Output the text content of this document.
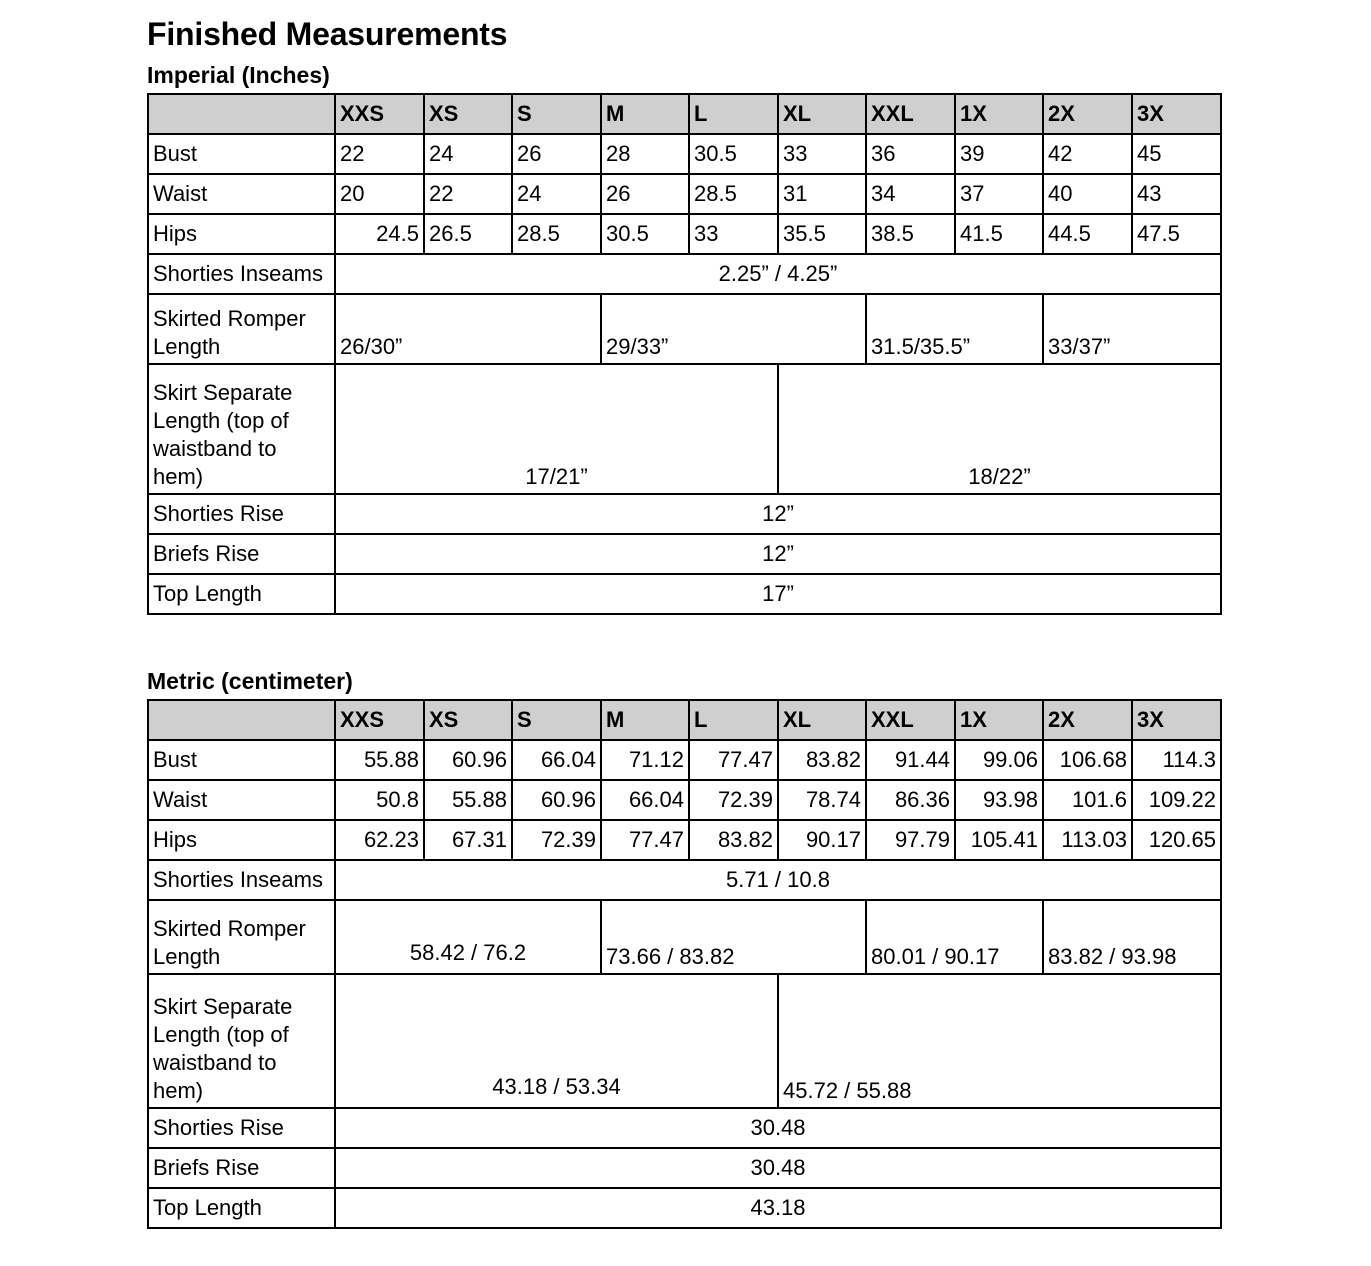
Finished Measurements
Imperial (Inches)
	XXS	XS	S	M	L	XL	XXL	1X	2X	3X
Bust	22	24	26	28	30.5	33	36	39	42	45
Waist	20	22	24	26	28.5	31	34	37	40	43
Hips	24.5	26.5	28.5	30.5	33	35.5	38.5	41.5	44.5	47.5
Shorties Inseams	2.25” / 4.25”									
Skirted Romper Length	26/30”			29/33”			31.5/35.5”		33/37”	
Skirt Separate Length (top of waistband to hem)	17/21”					18/22”				
Shorties Rise	12”									
Briefs Rise	12”									
Top Length	17”									
Metric (centimeter)
	XXS	XS	S	M	L	XL	XXL	1X	2X	3X
Bust	55.88	60.96	66.04	71.12	77.47	83.82	91.44	99.06	106.68	114.3
Waist	50.8	55.88	60.96	66.04	72.39	78.74	86.36	93.98	101.6	109.22
Hips	62.23	67.31	72.39	77.47	83.82	90.17	97.79	105.41	113.03	120.65
Shorties Inseams	5.71 / 10.8									
Skirted Romper Length	58.42 / 76.2			73.66 / 83.82			80.01 / 90.17		83.82 / 93.98	
Skirt Separate Length (top of waistband to hem)	43.18 / 53.34					45.72 / 55.88				
Shorties Rise	30.48									
Briefs Rise	30.48									
Top Length	43.18									
